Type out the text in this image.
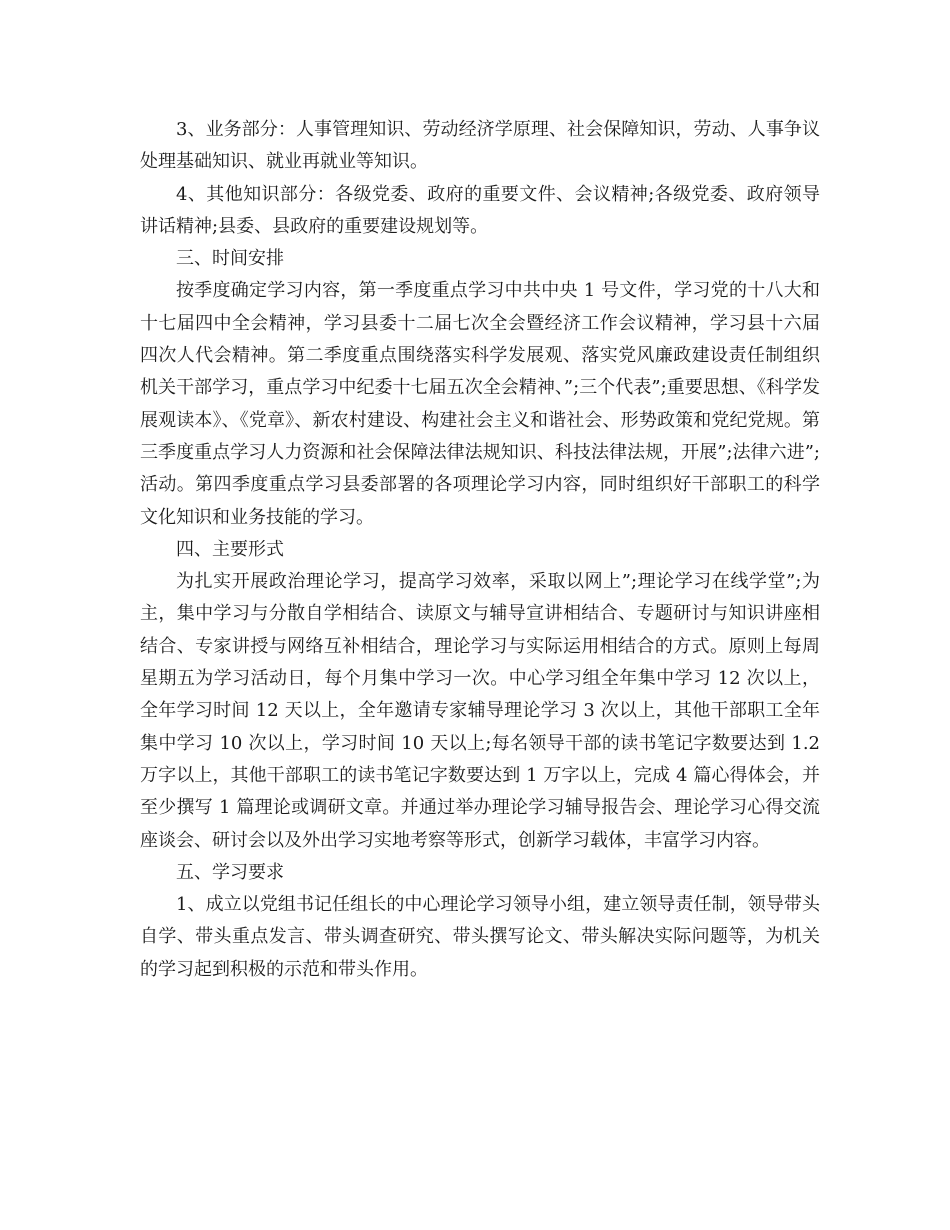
3、业务部分：人事管理知识、劳动经济学原理、社会保障知识，劳动、人事争议处理基础知识、就业再就业等知识。

4、其他知识部分：各级党委、政府的重要文件、会议精神;各级党委、政府领导讲话精神;县委、县政府的重要建设规划等。

三、时间安排

按季度确定学习内容，第一季度重点学习中共中央 1 号文件，学习党的十八大和十七届四中全会精神，学习县委十二届七次全会暨经济工作会议精神，学习县十六届四次人代会精神。第二季度重点围绕落实科学发展观、落实党风廉政建设责任制组织机关干部学习，重点学习中纪委十七届五次全会精神、”;三个代表”;重要思想、《科学发展观读本》、《党章》、新农村建设、构建社会主义和谐社会、形势政策和党纪党规。第三季度重点学习人力资源和社会保障法律法规知识、科技法律法规，开展”;法律六进”;活动。第四季度重点学习县委部署的各项理论学习内容，同时组织好干部职工的科学文化知识和业务技能的学习。

四、主要形式

为扎实开展政治理论学习，提高学习效率，采取以网上”;理论学习在线学堂”;为主，集中学习与分散自学相结合、读原文与辅导宣讲相结合、专题研讨与知识讲座相结合、专家讲授与网络互补相结合，理论学习与实际运用相结合的方式。原则上每周星期五为学习活动日，每个月集中学习一次。中心学习组全年集中学习 12 次以上，全年学习时间 12 天以上，全年邀请专家辅导理论学习 3 次以上，其他干部职工全年集中学习 10 次以上，学习时间 10 天以上;每名领导干部的读书笔记字数要达到 1.2 万字以上，其他干部职工的读书笔记字数要达到 1 万字以上，完成 4 篇心得体会，并至少撰写 1 篇理论或调研文章。并通过举办理论学习辅导报告会、理论学习心得交流座谈会、研讨会以及外出学习实地考察等形式，创新学习载体，丰富学习内容。

五、学习要求

1、成立以党组书记任组长的中心理论学习领导小组，建立领导责任制，领导带头自学、带头重点发言、带头调查研究、带头撰写论文、带头解决实际问题等，为机关的学习起到积极的示范和带头作用。
